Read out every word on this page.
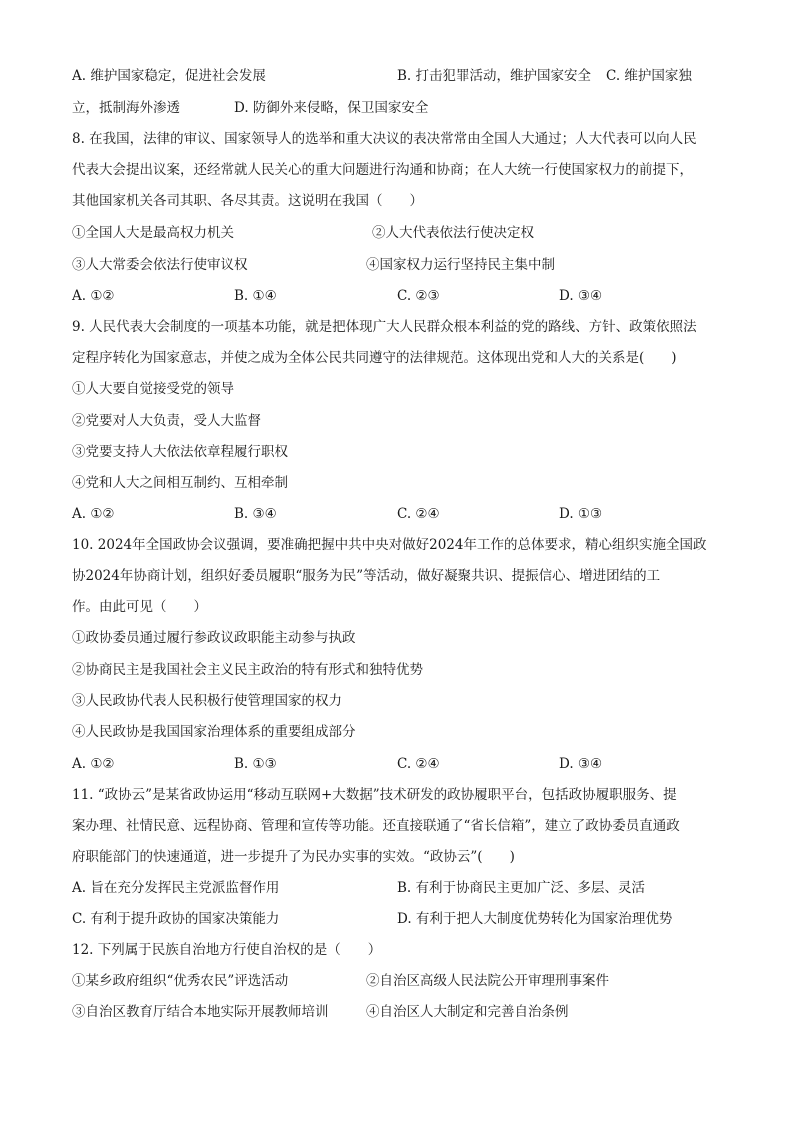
A. 维护国家稳定，促进社会发展	B. 打击犯罪活动，维护国家安全 C. 维护国家独
立，抵制海外渗透	D. 防御外来侵略，保卫国家安全
8. 在我国，法律的审议、国家领导人的选举和重大决议的表决常常由全国人大通过；人大代表可以向人民
代表大会提出议案，还经常就人民关心的重大问题进行沟通和协商；在人大统一行使国家权力的前提下，
其他国家机关各司其职、各尽其责。这说明在我国（　　）
①全国人大是最高权力机关	②人大代表依法行使决定权
③人大常委会依法行使审议权	④国家权力运行坚持民主集中制
A. ①②	B. ①④	C. ②③	D. ③④
9. 人民代表大会制度的一项基本功能，就是把体现广大人民群众根本利益的党的路线、方针、政策依照法
定程序转化为国家意志，并使之成为全体公民共同遵守的法律规范。这体现出党和人大的关系是(　　)
①人大要自觉接受党的领导
②党要对人大负责，受人大监督
③党要支持人大依法依章程履行职权
④党和人大之间相互制约、互相牵制
A. ①②	B. ③④	C. ②④	D. ①③
10. 2024年全国政协会议强调，要准确把握中共中央对做好2024年工作的总体要求，精心组织实施全国政
协2024年协商计划，组织好委员履职“服务为民”等活动，做好凝聚共识、提振信心、增进团结的工
作。由此可见（　　）
①政协委员通过履行参政议政职能主动参与执政
②协商民主是我国社会主义民主政治的特有形式和独特优势
③人民政协代表人民积极行使管理国家的权力
④人民政协是我国国家治理体系的重要组成部分
A. ①②	B. ①③	C. ②④	D. ③④
11. “政协云”是某省政协运用“移动互联网+大数据”技术研发的政协履职平台，包括政协履职服务、提
案办理、社情民意、远程协商、管理和宣传等功能。还直接联通了“省长信箱”，建立了政协委员直通政
府职能部门的快速通道，进一步提升了为民办实事的实效。“政协云”(　　)
A. 旨在充分发挥民主党派监督作用	B. 有利于协商民主更加广泛、多层、灵活
C. 有利于提升政协的国家决策能力	D. 有利于把人大制度优势转化为国家治理优势
12. 下列属于民族自治地方行使自治权的是（　　）
①某乡政府组织“优秀农民”评选活动	②自治区高级人民法院公开审理刑事案件
③自治区教育厅结合本地实际开展教师培训	④自治区人大制定和完善自治条例
